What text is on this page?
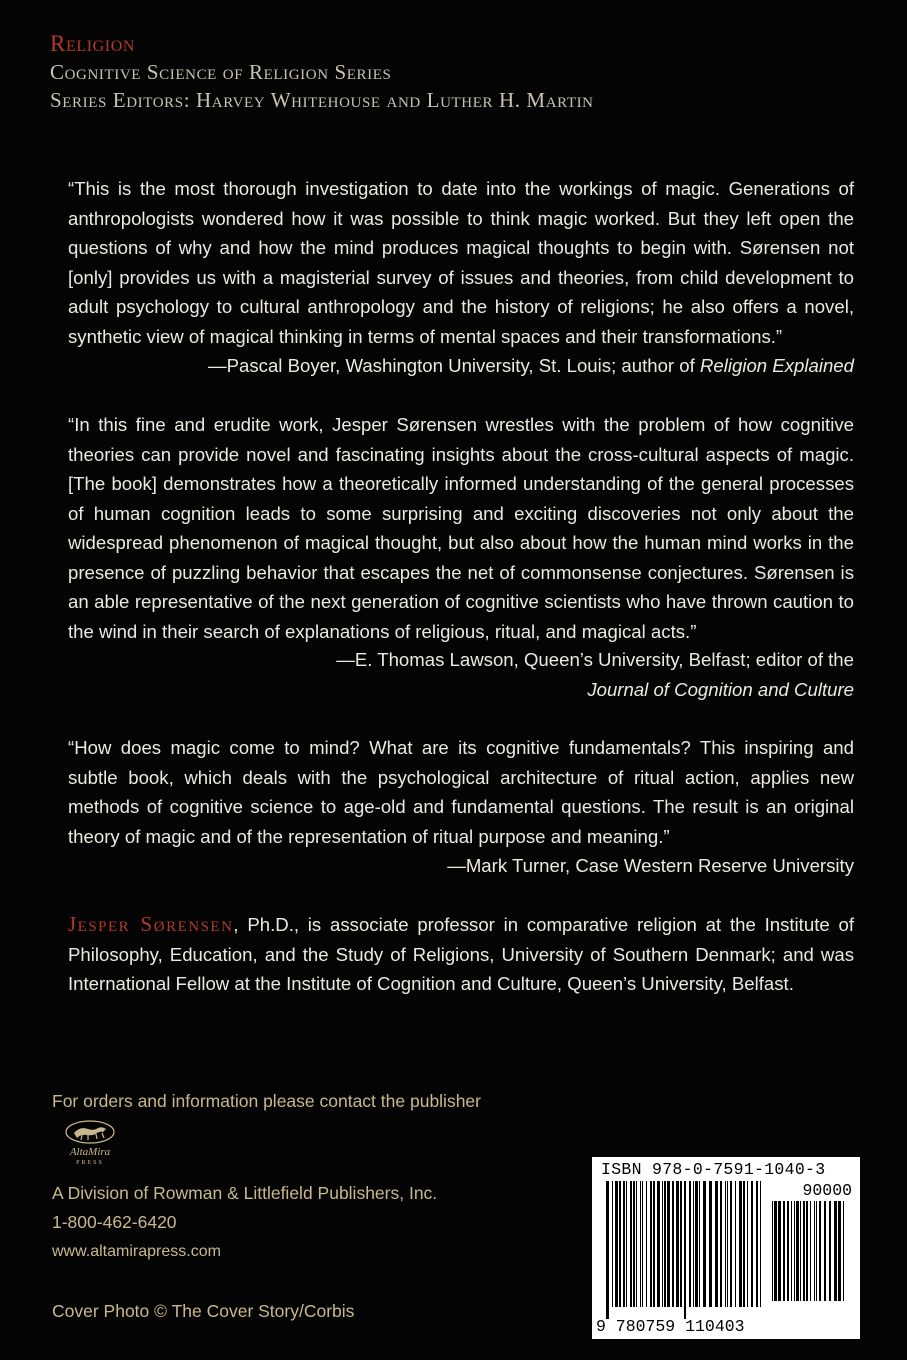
Religion
Cognitive Science of Religion Series
Series Editors: Harvey Whitehouse and Luther H. Martin
“This is the most thorough investigation to date into the workings of magic. Generations of anthropologists wondered how it was possible to think magic worked. But they left open the questions of why and how the mind produces magical thoughts to begin with. Sørensen not [only] provides us with a magisterial survey of issues and theories, from child development to adult psychology to cultural anthropology and the history of religions; he also offers a novel, synthetic view of magical thinking in terms of mental spaces and their transformations.”
—Pascal Boyer, Washington University, St. Louis; author of Religion Explained
“In this fine and erudite work, Jesper Sørensen wrestles with the problem of how cognitive theories can provide novel and fascinating insights about the cross-cultural aspects of magic. [The book] demonstrates how a theoretically informed understanding of the general processes of human cognition leads to some surprising and exciting discoveries not only about the widespread phenomenon of magical thought, but also about how the human mind works in the presence of puzzling behavior that escapes the net of commonsense conjectures. Sørensen is an able representative of the next generation of cognitive scientists who have thrown caution to the wind in their search of explanations of religious, ritual, and magical acts.”
—E. Thomas Lawson, Queen’s University, Belfast; editor of the
Journal of Cognition and Culture
“How does magic come to mind? What are its cognitive fundamentals? This inspiring and subtle book, which deals with the psychological architecture of ritual action, applies new methods of cognitive science to age-old and fundamental questions. The result is an original theory of magic and of the representation of ritual purpose and meaning.”
—Mark Turner, Case Western Reserve University
Jesper Sørensen, Ph.D., is associate professor in comparative religion at the Institute of Philosophy, Education, and the Study of Religions, University of Southern Denmark; and was International Fellow at the Institute of Cognition and Culture, Queen’s University, Belfast.
For orders and information please contact the publisher
AltaMira
PRESS
A Division of Rowman & Littlefield Publishers, Inc.
1-800-462-6420
www.altamirapress.com
Cover Photo © The Cover Story/Corbis
ISBN 978-0-7591-1040-3
90000
9 780759 110403
